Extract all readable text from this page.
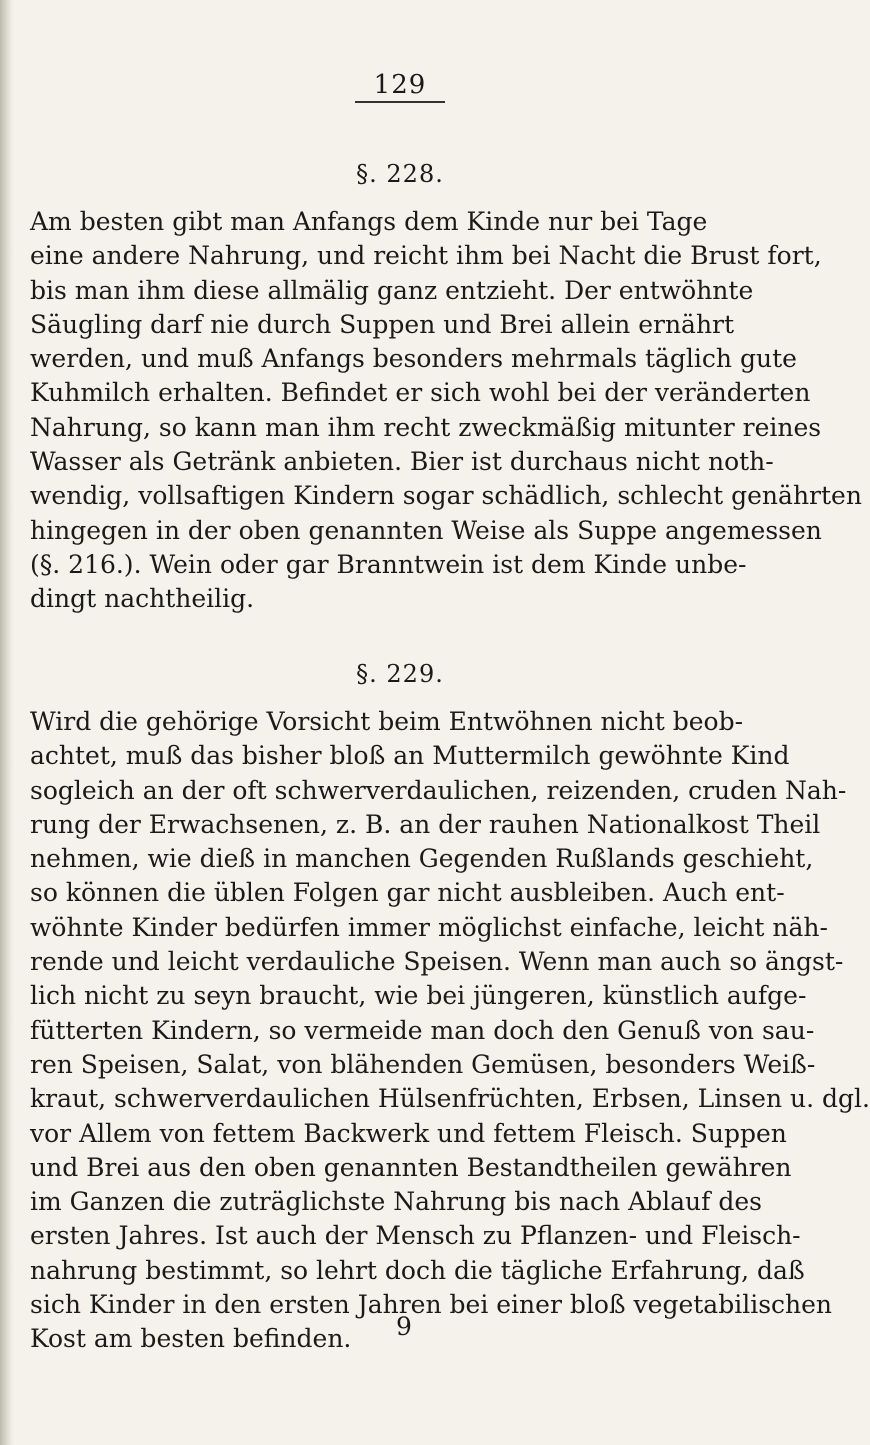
129
§. 228.
Am besten gibt man Anfangs dem Kinde nur bei Tage
eine andere Nahrung, und reicht ihm bei Nacht die Brust fort,
bis man ihm diese allmälig ganz entzieht. Der entwöhnte
Säugling darf nie durch Suppen und Brei allein ernährt
werden, und muß Anfangs besonders mehrmals täglich gute
Kuhmilch erhalten. Befindet er sich wohl bei der veränderten
Nahrung, so kann man ihm recht zweckmäßig mitunter reines
Wasser als Getränk anbieten. Bier ist durchaus nicht noth-
wendig, vollsaftigen Kindern sogar schädlich, schlecht genährten
hingegen in der oben genannten Weise als Suppe angemessen
(§. 216.). Wein oder gar Branntwein ist dem Kinde unbe-
dingt nachtheilig.
§. 229.
Wird die gehörige Vorsicht beim Entwöhnen nicht beob-
achtet, muß das bisher bloß an Muttermilch gewöhnte Kind
sogleich an der oft schwerverdaulichen, reizenden, cruden Nah-
rung der Erwachsenen, z. B. an der rauhen Nationalkost Theil
nehmen, wie dieß in manchen Gegenden Rußlands geschieht,
so können die üblen Folgen gar nicht ausbleiben. Auch ent-
wöhnte Kinder bedürfen immer möglichst einfache, leicht näh-
rende und leicht verdauliche Speisen. Wenn man auch so ängst-
lich nicht zu seyn braucht, wie bei jüngeren, künstlich aufge-
fütterten Kindern, so vermeide man doch den Genuß von sau-
ren Speisen, Salat, von blähenden Gemüsen, besonders Weiß-
kraut, schwerverdaulichen Hülsenfrüchten, Erbsen, Linsen u. dgl.
vor Allem von fettem Backwerk und fettem Fleisch. Suppen
und Brei aus den oben genannten Bestandtheilen gewähren
im Ganzen die zuträglichste Nahrung bis nach Ablauf des
ersten Jahres. Ist auch der Mensch zu Pflanzen- und Fleisch-
nahrung bestimmt, so lehrt doch die tägliche Erfahrung, daß
sich Kinder in den ersten Jahren bei einer bloß vegetabilischen
Kost am besten befinden.	9
